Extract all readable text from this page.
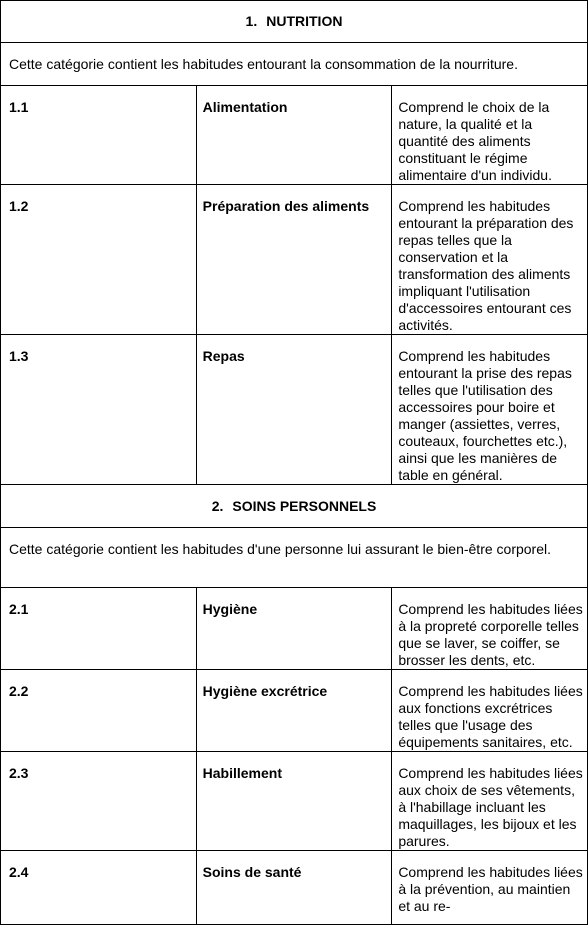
1. NUTRITION		
Cette catégorie contient les habitudes entourant la consommation de la nourriture.		
1.1	Alimentation	Comprend le choix de la nature, la qualité et la quantité des aliments constituant le régime alimentaire d'un individu.
1.2	Préparation des aliments	Comprend les habitudes entourant la préparation des repas telles que la conservation et la transformation des aliments impliquant l'utilisation d'accessoires entourant ces activités.
1.3	Repas	Comprend les habitudes entourant la prise des repas telles que l'utilisation des accessoires pour boire et manger (assiettes, verres, couteaux, fourchettes etc.), ainsi que les manières de table en général.
2. SOINS PERSONNELS		
Cette catégorie contient les habitudes d'une personne lui assurant le bien-être corporel.		
2.1	Hygiène	Comprend les habitudes liées à la propreté corporelle telles que se laver, se coiffer, se brosser les dents, etc.
2.2	Hygiène excrétrice	Comprend les habitudes liées aux fonctions excrétrices telles que l'usage des équipements sanitaires, etc.
2.3	Habillement	Comprend les habitudes liées aux choix de ses vêtements, à l'habillage incluant les maquillages, les bijoux et les parures.
2.4	Soins de santé	Comprend les habitudes liées à la prévention, au maintien et au re-
